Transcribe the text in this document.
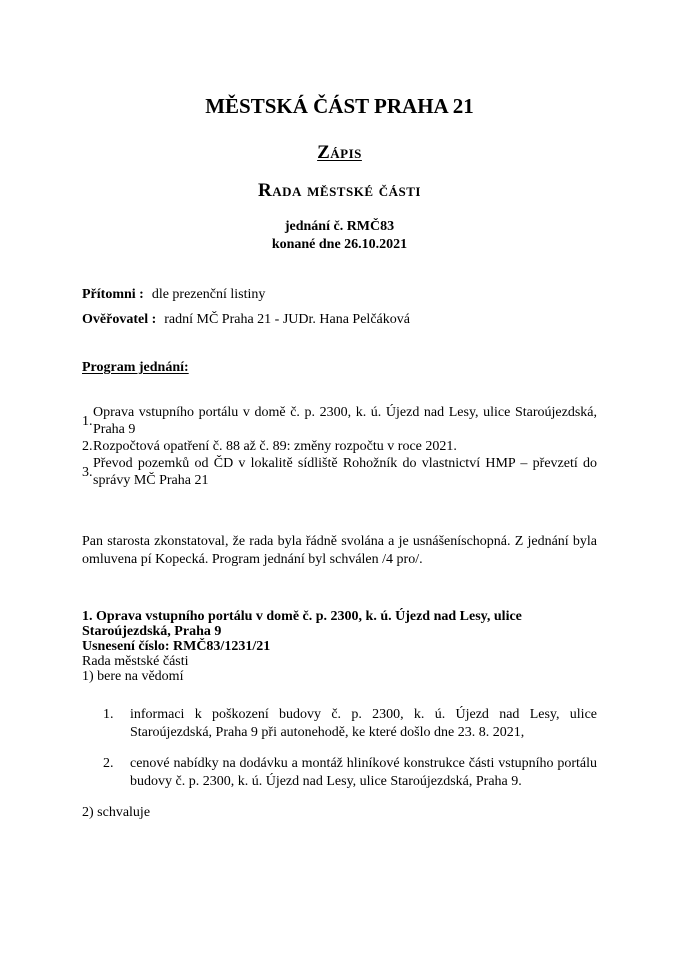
MĚSTSKÁ ČÁST PRAHA 21
Zápis
Rada městské části
jednání č. RMČ83
konané dne 26.10.2021
Přítomni : dle prezenční listiny
Ověřovatel : radní MČ Praha 21 - JUDr. Hana Pelčáková
Program jednání:
1.
Oprava vstupního portálu v domě č. p. 2300, k. ú. Újezd nad Lesy, ulice Staroújezdská, Praha 9
2. Rozpočtová opatření č. 88 až č. 89: změny rozpočtu v roce 2021.
3.
Převod pozemků od ČD v lokalitě sídliště Rohožník do vlastnictví HMP – převzetí do správy MČ Praha 21

Pan starosta zkonstatoval, že rada byla řádně svolána a je usnášeníschopná. Z jednání byla omluvena pí Kopecká. Program jednání byl schválen /4 pro/.

1. Oprava vstupního portálu v domě č. p. 2300, k. ú. Újezd nad Lesy, ulice Staroújezdská, Praha 9
Usnesení číslo: RMČ83/1231/21
Rada městské části
1) bere na vědomí
1.	informaci k poškození budovy č. p. 2300, k. ú. Újezd nad Lesy, ulice Staroújezdská, Praha 9 při autonehodě, ke které došlo dne 23. 8. 2021,
2.	cenové nabídky na dodávku a montáž hliníkové konstrukce části vstupního portálu budovy č. p. 2300, k. ú. Újezd nad Lesy, ulice Staroújezdská, Praha 9.
2) schvaluje
